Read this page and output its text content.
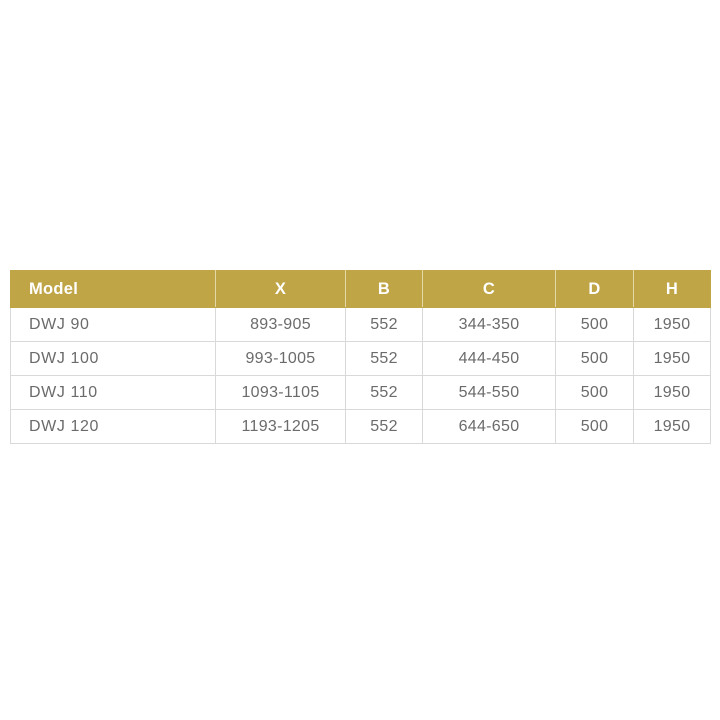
Model	X	B	C	D	H
DWJ 90	893-905	552	344-350	500	1950
DWJ 100	993-1005	552	444-450	500	1950
DWJ 110	1093-1105	552	544-550	500	1950
DWJ 120	1193-1205	552	644-650	500	1950
